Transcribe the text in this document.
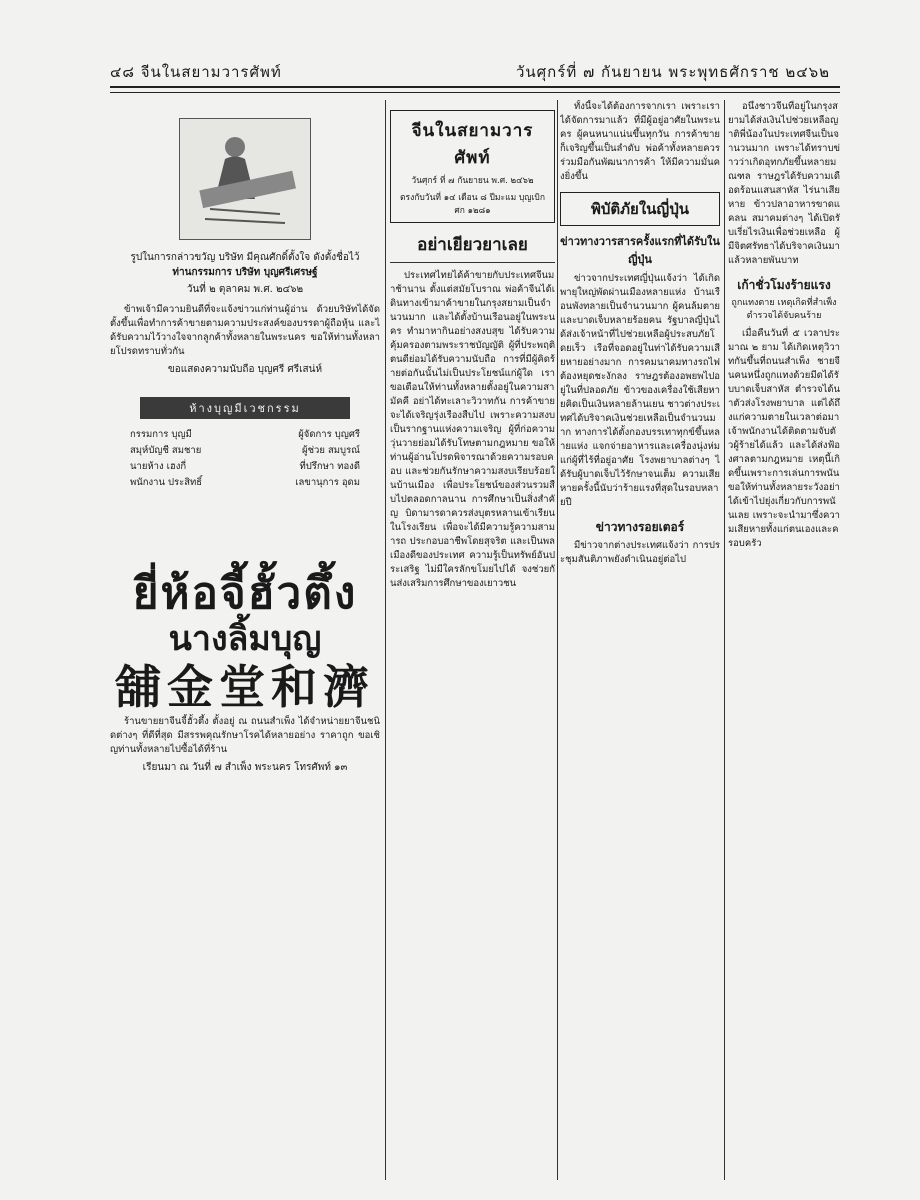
๔๘ จีนในสยามวารศัพท์	วันศุกร์ที่ ๗ กันยายน พระพุทธศักราช ๒๔๖๒
รูปในการกล่าวขวัญ บริษัท มีคุณศักดิ์ตั้งใจ ดังตั้งชื่อไว้
ท่านกรรมการ บริษัท บุญศรีเศรษฐ์
วันที่ ๒ ตุลาคม พ.ศ. ๒๔๖๒

ข้าพเจ้ามีความยินดีที่จะแจ้งข่าวแก่ท่านผู้อ่าน ด้วยบริษัทได้จัดตั้งขึ้นเพื่อทำการค้าขายตามความประสงค์ของบรรดาผู้ถือหุ้น และได้รับความไว้วางใจจากลูกค้าทั้งหลายในพระนคร ขอให้ท่านทั้งหลายโปรดทราบทั่วกัน

ขอแสดงความนับถือ บุญศรี ศรีเสน่ห์
ห้างบุญมีเวชกรรม
กรรมการ บุญมี	ผู้จัดการ บุญศรี
สมุห์บัญชี สมชาย	ผู้ช่วย สมบูรณ์
นายห้าง เฮงกี่	ที่ปรึกษา ทองดี
พนักงาน ประสิทธิ์	เลขานุการ อุดม
ยี่ห้อจี้ฮั้วตึ้ง
นางลิ้มบุญ
舖金堂和濟

ร้านขายยาจีนจี้ฮั้วตึ้ง ตั้งอยู่ ณ ถนนสำเพ็ง ได้จำหน่ายยาจีนชนิดต่างๆ ที่ดีที่สุด มีสรรพคุณรักษาโรคได้หลายอย่าง ราคาถูก ขอเชิญท่านทั้งหลายไปซื้อได้ที่ร้าน

เรียนมา ณ วันที่ ๗ สำเพ็ง พระนคร โทรศัพท์ ๑๓
จีนในสยามวารศัพท์
วันศุกร์ ที่ ๗ กันยายน พ.ศ. ๒๔๖๒
ตรงกับวันที่ ๑๔ เดือน ๘ ปีมะแม บุญเบิกศก ๑๒๘๑
อย่าเยียวยาเลย

ประเทศไทยได้ค้าขายกับประเทศจีนมาช้านาน ตั้งแต่สมัยโบราณ พ่อค้าจีนได้เดินทางเข้ามาค้าขายในกรุงสยามเป็นจำนวนมาก และได้ตั้งบ้านเรือนอยู่ในพระนคร ทำมาหากินอย่างสงบสุข ได้รับความคุ้มครองตามพระราชบัญญัติ ผู้ที่ประพฤติตนดีย่อมได้รับความนับถือ การที่มีผู้คิดร้ายต่อกันนั้นไม่เป็นประโยชน์แก่ผู้ใด เราขอเตือนให้ท่านทั้งหลายตั้งอยู่ในความสามัคคี อย่าได้ทะเลาะวิวาทกัน การค้าขายจะได้เจริญรุ่งเรืองสืบไป เพราะความสงบเป็นรากฐานแห่งความเจริญ ผู้ที่ก่อความวุ่นวายย่อมได้รับโทษตามกฎหมาย ขอให้ท่านผู้อ่านโปรดพิจารณาด้วยความรอบคอบ และช่วยกันรักษาความสงบเรียบร้อยในบ้านเมือง เพื่อประโยชน์ของส่วนรวมสืบไปตลอดกาลนาน การศึกษาเป็นสิ่งสำคัญ บิดามารดาควรส่งบุตรหลานเข้าเรียนในโรงเรียน เพื่อจะได้มีความรู้ความสามารถ ประกอบอาชีพโดยสุจริต และเป็นพลเมืองดีของประเทศ ความรู้เป็นทรัพย์อันประเสริฐ ไม่มีใครลักขโมยไปได้ จงช่วยกันส่งเสริมการศึกษาของเยาวชน

ทั้งนี้จะได้ต้องการจากเรา เพราะเราได้จัดการมาแล้ว ที่มีผู้อยู่อาศัยในพระนคร ผู้คนหนาแน่นขึ้นทุกวัน การค้าขายก็เจริญขึ้นเป็นลำดับ พ่อค้าทั้งหลายควรร่วมมือกันพัฒนาการค้า ให้มีความมั่นคงยิ่งขึ้น

พิบัติภัยในญี่ปุ่น
ข่าวทางวารสารครั้งแรกที่ได้รับในญี่ปุ่น

ข่าวจากประเทศญี่ปุ่นแจ้งว่า ได้เกิดพายุใหญ่พัดผ่านเมืองหลายแห่ง บ้านเรือนพังทลายเป็นจำนวนมาก ผู้คนล้มตายและบาดเจ็บหลายร้อยคน รัฐบาลญี่ปุ่นได้ส่งเจ้าหน้าที่ไปช่วยเหลือผู้ประสบภัยโดยเร็ว เรือที่จอดอยู่ในท่าได้รับความเสียหายอย่างมาก การคมนาคมทางรถไฟต้องหยุดชะงักลง ราษฎรต้องอพยพไปอยู่ในที่ปลอดภัย ข้าวของเครื่องใช้เสียหายคิดเป็นเงินหลายล้านเยน ชาวต่างประเทศได้บริจาคเงินช่วยเหลือเป็นจำนวนมาก ทางการได้ตั้งกองบรรเทาทุกข์ขึ้นหลายแห่ง แจกจ่ายอาหารและเครื่องนุ่งห่มแก่ผู้ที่ไร้ที่อยู่อาศัย โรงพยาบาลต่างๆ ได้รับผู้บาดเจ็บไว้รักษาจนเต็ม ความเสียหายครั้งนี้นับว่าร้ายแรงที่สุดในรอบหลายปี

ข่าวทางรอยเตอร์

มีข่าวจากต่างประเทศแจ้งว่า การประชุมสันติภาพยังดำเนินอยู่ต่อไป

อนึ่งชาวจีนที่อยู่ในกรุงสยามได้ส่งเงินไปช่วยเหลือญาติพี่น้องในประเทศจีนเป็นจำนวนมาก เพราะได้ทราบข่าวว่าเกิดอุทกภัยขึ้นหลายมณฑล ราษฎรได้รับความเดือดร้อนแสนสาหัส ไร่นาเสียหาย ข้าวปลาอาหารขาดแคลน สมาคมต่างๆ ได้เปิดรับเรี่ยไรเงินเพื่อช่วยเหลือ ผู้มีจิตศรัทธาได้บริจาคเงินมาแล้วหลายพันบาท

เก้าชั่วโมงร้ายแรง
ถูกแทงตาย เหตุเกิดที่สำเพ็ง ตำรวจได้จับคนร้าย

เมื่อคืนวันที่ ๕ เวลาประมาณ ๒ ยาม ได้เกิดเหตุวิวาทกันขึ้นที่ถนนสำเพ็ง ชายจีนคนหนึ่งถูกแทงด้วยมีดได้รับบาดเจ็บสาหัส ตำรวจได้นำตัวส่งโรงพยาบาล แต่ได้ถึงแก่ความตายในเวลาต่อมา เจ้าพนักงานได้ติดตามจับตัวผู้ร้ายได้แล้ว และได้ส่งฟ้องศาลตามกฎหมาย เหตุนี้เกิดขึ้นเพราะการเล่นการพนัน ขอให้ท่านทั้งหลายระวังอย่าได้เข้าไปยุ่งเกี่ยวกับการพนันเลย เพราะจะนำมาซึ่งความเสียหายทั้งแก่ตนเองและครอบครัว
